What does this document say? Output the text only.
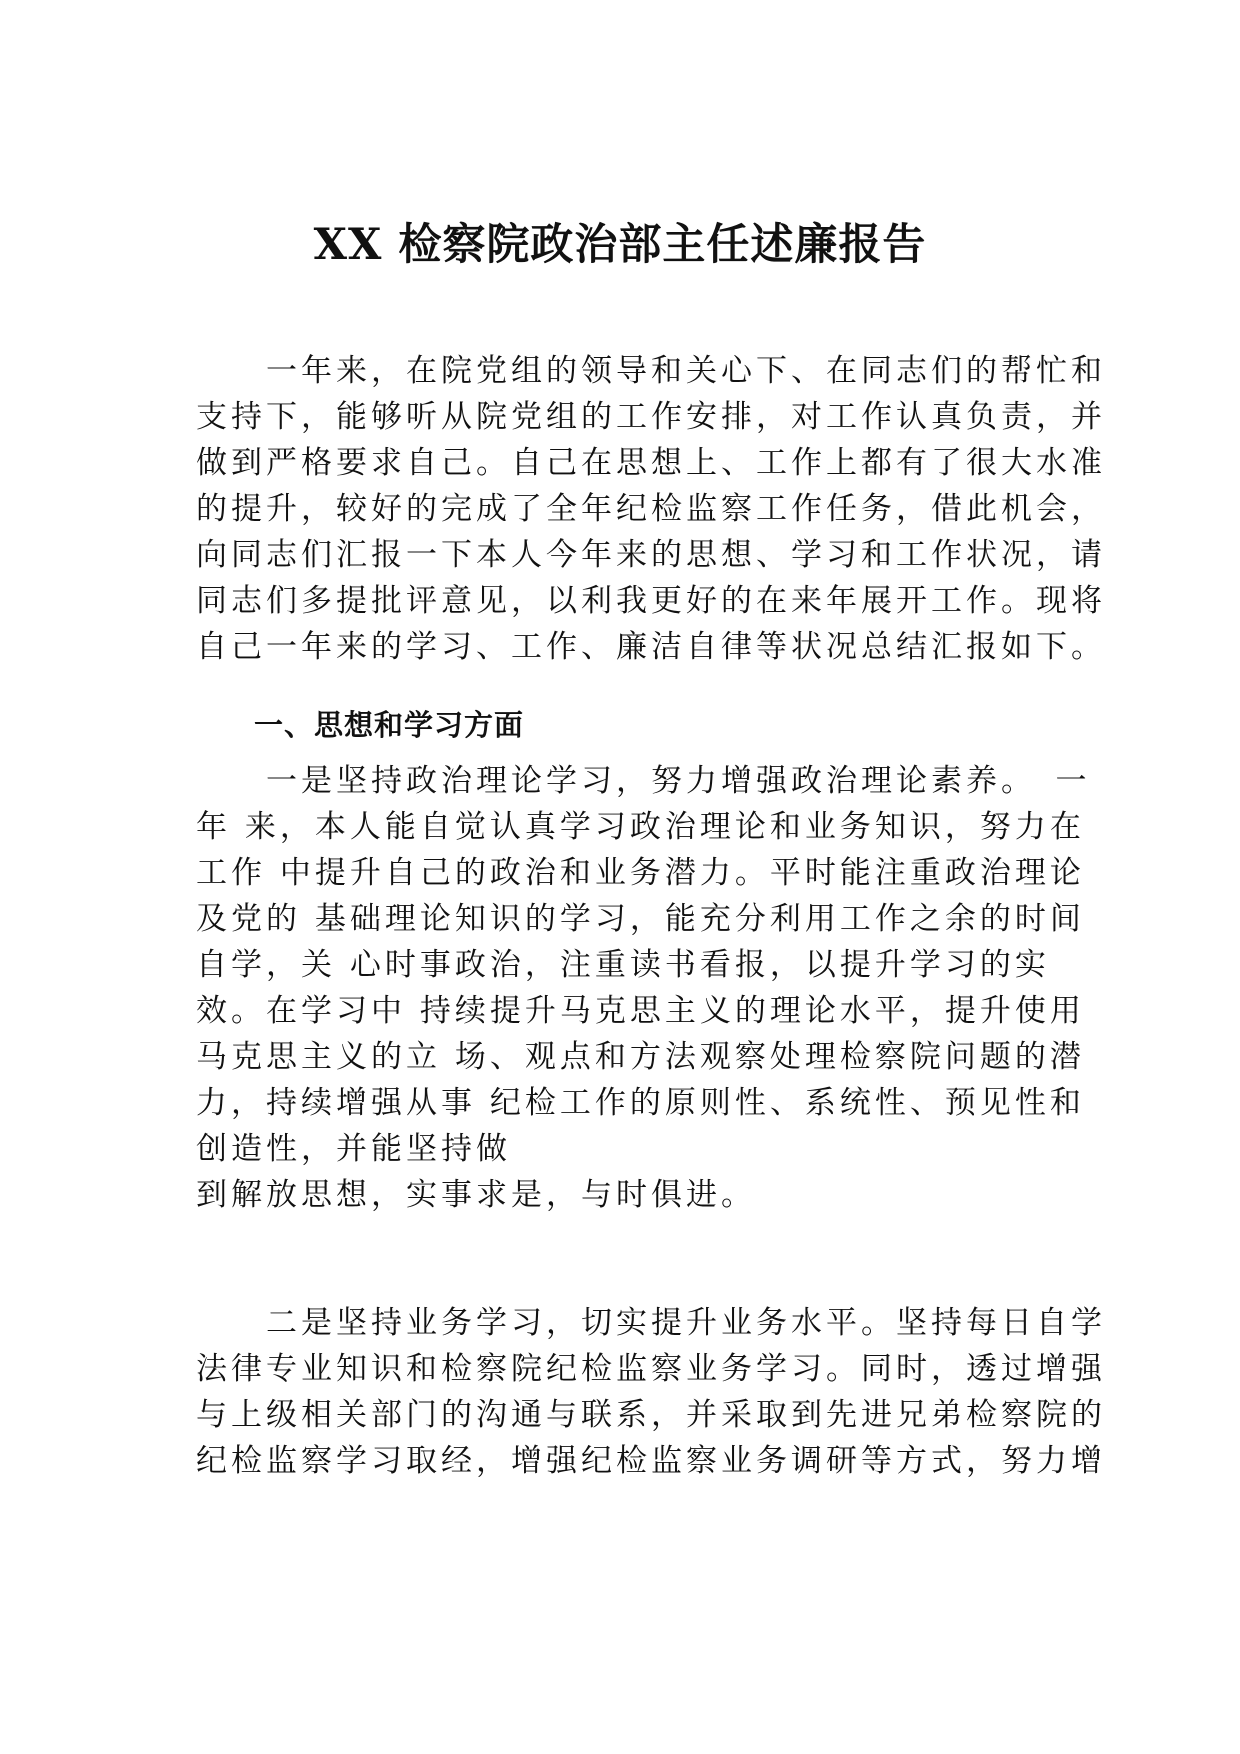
XX 检察院政治部主任述廉报告
　　一年来，在院党组的领导和关心下、在同志们的帮忙和
支持下，能够听从院党组的工作安排，对工作认真负责，并
做到严格要求自己。自己在思想上、工作上都有了很大水准
的提升，较好的完成了全年纪检监察工作任务，借此机会，
向同志们汇报一下本人今年来的思想、学习和工作状况，请
同志们多提批评意见，以利我更好的在来年展开工作。现将
自己一年来的学习、工作、廉洁自律等状况总结汇报如下。
一、思想和学习方面
　　一是坚持政治理论学习，努力增强政治理论素养。　一
年 来，本人能自觉认真学习政治理论和业务知识，努力在
工作 中提升自己的政治和业务潜力。平时能注重政治理论
及党的 基础理论知识的学习，能充分利用工作之余的时间
自学，关 心时事政治，注重读书看报，以提升学习的实
效。在学习中 持续提升马克思主义的理论水平，提升使用
马克思主义的立 场、观点和方法观察处理检察院问题的潜
力，持续增强从事 纪检工作的原则性、系统性、预见性和
创造性，并能坚持做
到解放思想，实事求是，与时俱进。
　　二是坚持业务学习，切实提升业务水平。坚持每日自学
法律专业知识和检察院纪检监察业务学习。同时，透过增强
与上级相关部门的沟通与联系，并采取到先进兄弟检察院的
纪检监察学习取经，增强纪检监察业务调研等方式，努力增
